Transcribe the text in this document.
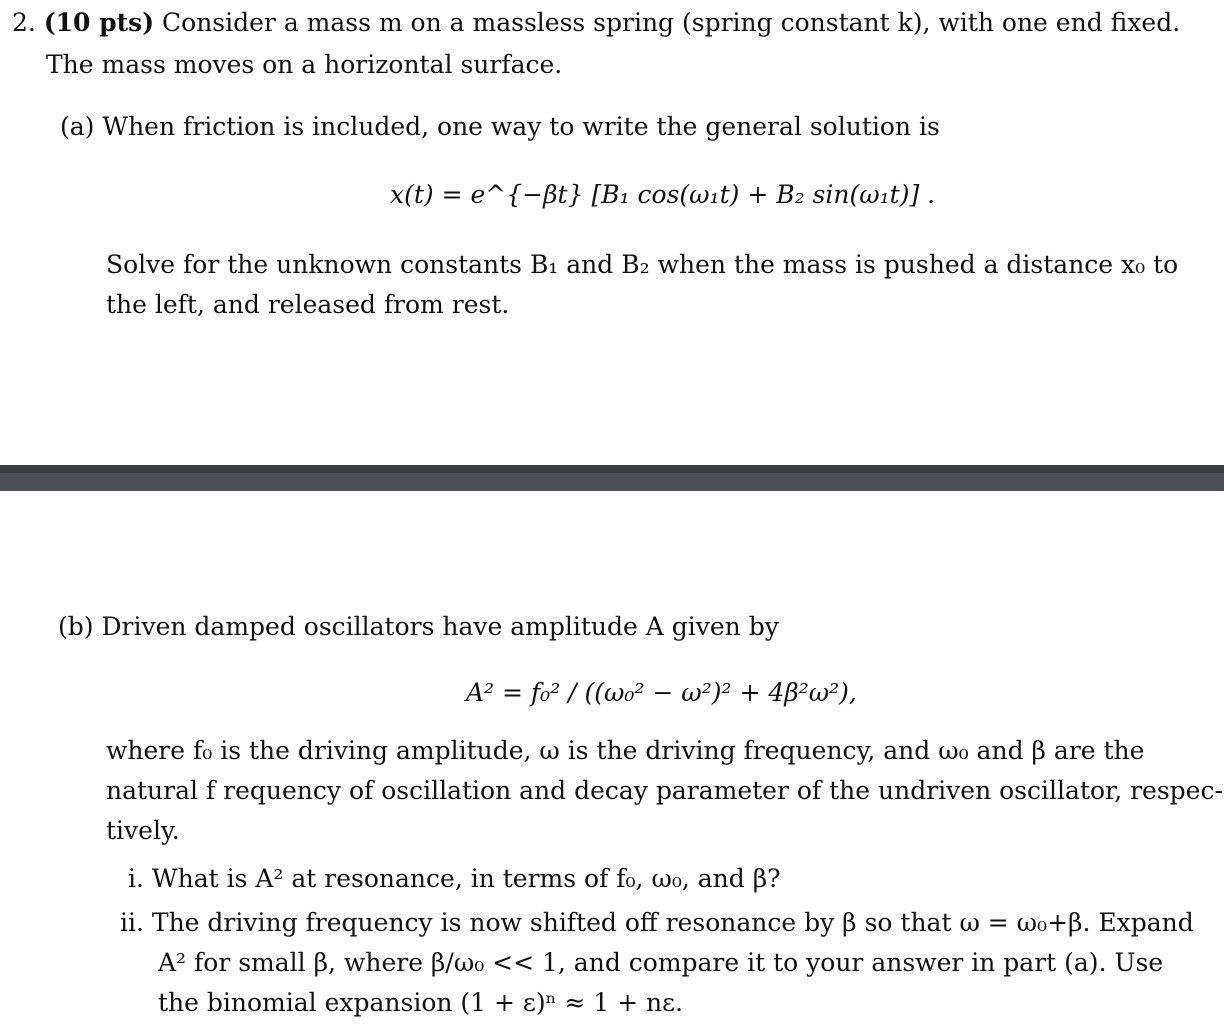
2. (10 pts) Consider a mass m on a massless spring (spring constant k), with one end fixed.
The mass moves on a horizontal surface.
(a) When friction is included, one way to write the general solution is
x(t) = e^{−βt} [B₁ cos(ω₁t) + B₂ sin(ω₁t)] .
Solve for the unknown constants B₁ and B₂ when the mass is pushed a distance x₀ to
the left, and released from rest.
(b) Driven damped oscillators have amplitude A given by
A² = f₀² / ((ω₀² − ω²)² + 4β²ω²),
where f₀ is the driving amplitude, ω is the driving frequency, and ω₀ and β are the
natural f requency of oscillation and decay parameter of the undriven oscillator, respec-
tively.
i. What is A² at resonance, in terms of f₀, ω₀, and β?
ii. The driving frequency is now shifted off resonance by β so that ω = ω₀+β. Expand
A² for small β, where β/ω₀ << 1, and compare it to your answer in part (a). Use
the binomial expansion (1 + ε)ⁿ ≈ 1 + nε.
